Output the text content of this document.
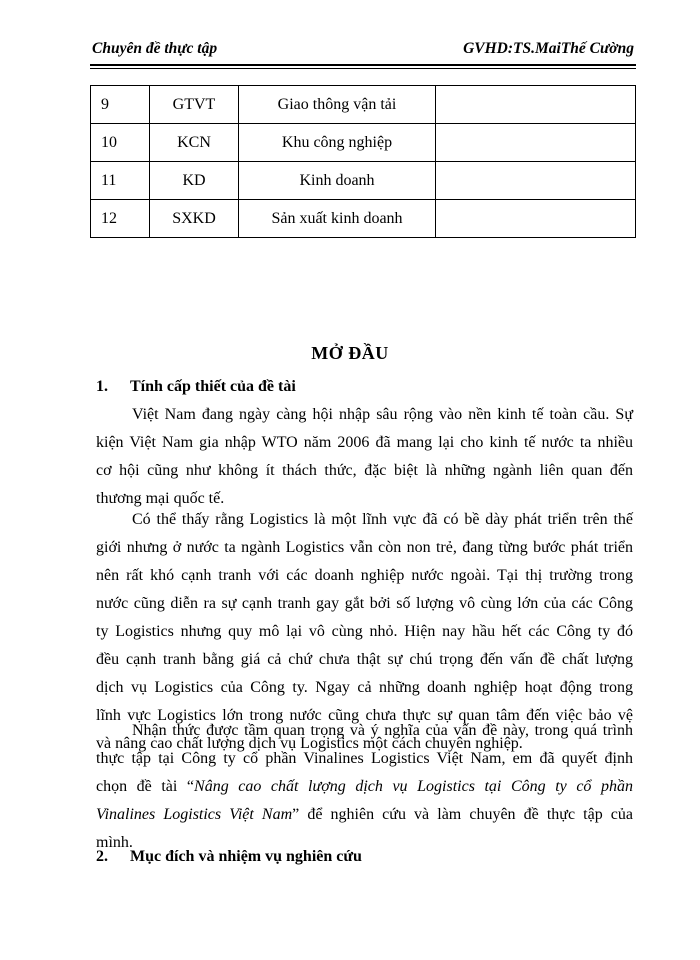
Chuyên đề thực tập	GVHD:TS.MaiThế Cường
9	GTVT	Giao thông vận tải	
10	KCN	Khu công nghiệp	
11	KD	Kinh doanh	
12	SXKD	Sản xuất kinh doanh	
MỞ ĐẦU
1. Tính cấp thiết của đề tài
Việt Nam đang ngày càng hội nhập sâu rộng vào nền kinh tế toàn cầu. Sự
kiện Việt Nam gia nhập WTO năm 2006 đã mang lại cho kinh tế nước ta nhiều
cơ hội cũng như không ít thách thức, đặc biệt là những ngành liên quan đến
thương mại quốc tế.
Có thể thấy rằng Logistics là một lĩnh vực đã có bề dày phát triển trên thế
giới nhưng ở nước ta ngành Logistics vẫn còn non trẻ, đang từng bước phát triển
nên rất khó cạnh tranh với các doanh nghiệp nước ngoài. Tại thị trường trong
nước cũng diễn ra sự cạnh tranh gay gắt bởi số lượng vô cùng lớn của các Công
ty Logistics nhưng quy mô lại vô cùng nhỏ. Hiện nay hầu hết các Công ty đó
đều cạnh tranh bằng giá cả chứ chưa thật sự chú trọng đến vấn đề chất lượng
dịch vụ Logistics của Công ty. Ngay cả những doanh nghiệp hoạt động trong
lĩnh vực Logistics lớn trong nước cũng chưa thực sự quan tâm đến việc bảo vệ
và nâng cao chất lượng dịch vụ Logistics một cách chuyên nghiệp.
Nhận thức được tầm quan trọng và ý nghĩa của vấn đề này, trong quá trình
thực tập tại Công ty cổ phần Vinalines Logistics Việt Nam, em đã quyết định
chọn đề tài “Nâng cao chất lượng dịch vụ Logistics tại Công ty cổ phần
Vinalines Logistics Việt Nam” để nghiên cứu và làm chuyên đề thực tập của
mình.
2. Mục đích và nhiệm vụ nghiên cứu
